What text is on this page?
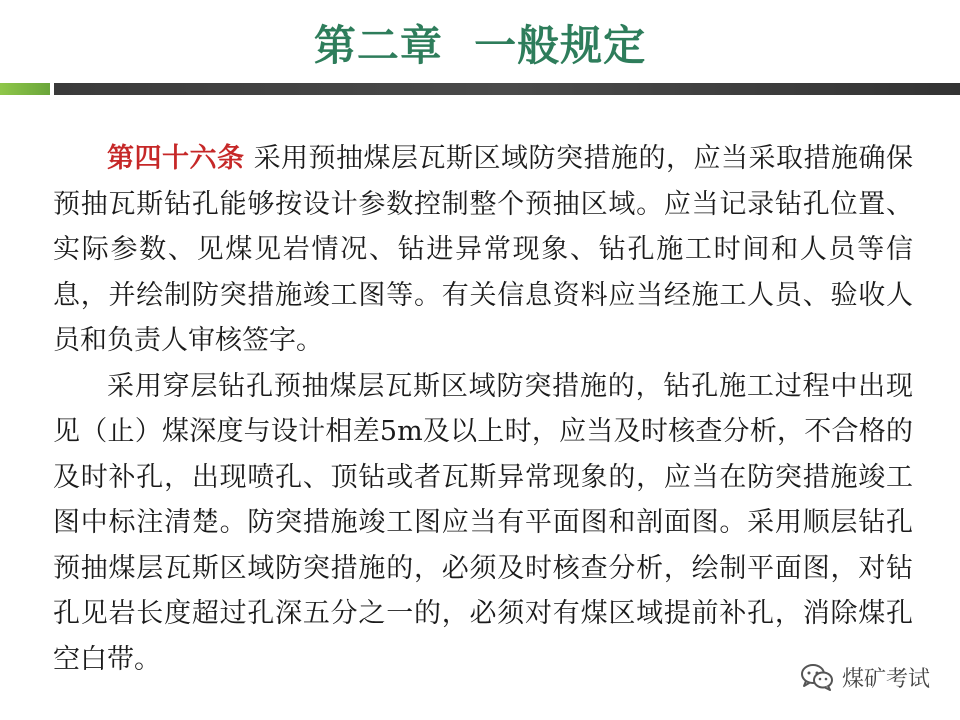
第二章  一般规定

第四十六条 采用预抽煤层瓦斯区域防突措施的，应当采取措施确保预抽瓦斯钻孔能够按设计参数控制整个预抽区域。应当记录钻孔位置、实际参数、见煤见岩情况、钻进异常现象、钻孔施工时间和人员等信息，并绘制防突措施竣工图等。有关信息资料应当经施工人员、验收人员和负责人审核签字。

采用穿层钻孔预抽煤层瓦斯区域防突措施的，钻孔施工过程中出现见（止）煤深度与设计相差5m及以上时，应当及时核查分析，不合格的及时补孔，出现喷孔、顶钻或者瓦斯异常现象的，应当在防突措施竣工图中标注清楚。防突措施竣工图应当有平面图和剖面图。采用顺层钻孔预抽煤层瓦斯区域防突措施的，必须及时核查分析，绘制平面图，对钻孔见岩长度超过孔深五分之一的，必须对有煤区域提前补孔，消除煤孔空白带。

煤矿考试
